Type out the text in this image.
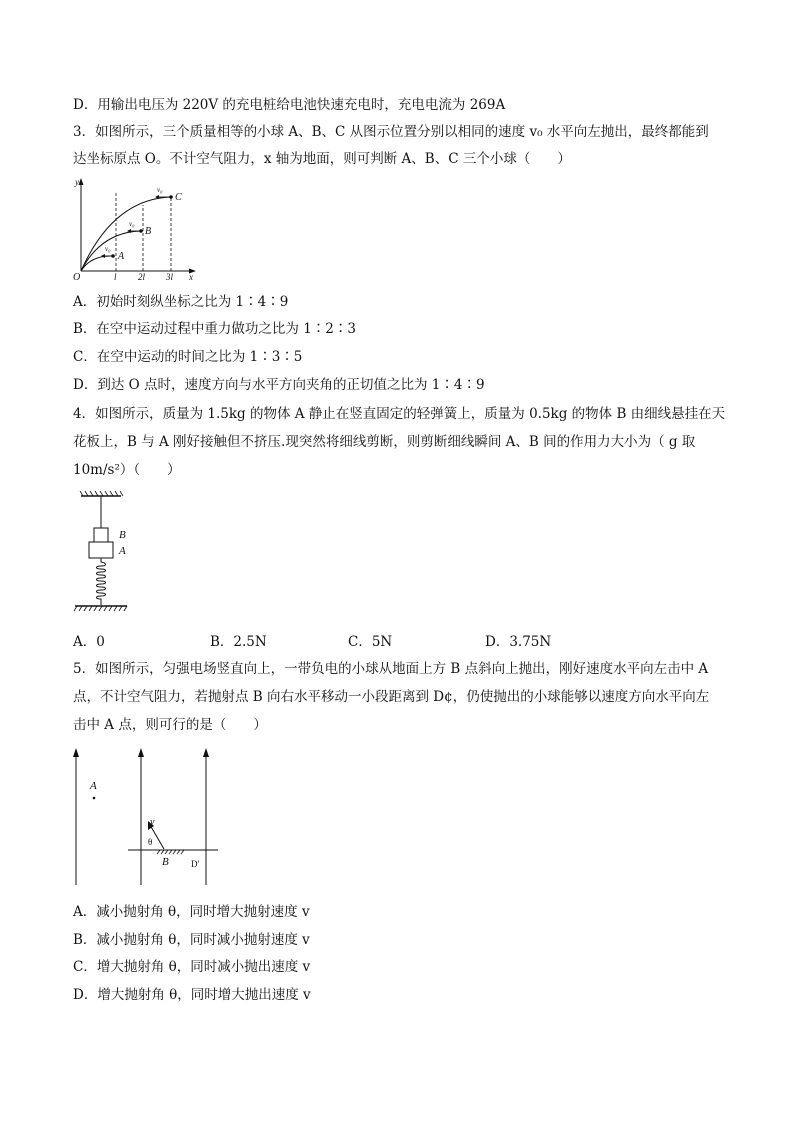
D．用输出电压为 220V 的充电桩给电池快速充电时，充电电流为 269A
3．如图所示，三个质量相等的小球 A、B、C 从图示位置分别以相同的速度 v₀ 水平向左抛出，最终都能到
达坐标原点 O。不计空气阻力，x 轴为地面，则可判断 A、B、C 三个小球（　　）
y
x
O	l 2l 3l
A
B
C
v₀
v₀
v₀
A．初始时刻纵坐标之比为 1∶4∶9
B．在空中运动过程中重力做功之比为 1∶2∶3
C．在空中运动的时间之比为 1∶3∶5
D．到达 O 点时，速度方向与水平方向夹角的正切值之比为 1∶4∶9
4．如图所示，质量为 1.5kg 的物体 A 静止在竖直固定的轻弹簧上，质量为 0.5kg 的物体 B 由细线悬挂在天
花板上，B 与 A 刚好接触但不挤压.现突然将细线剪断，则剪断细线瞬间 A、B 间的作用力大小为（ g 取
10m/s²）（　　）
B
A
A．0	B．2.5N	C．5N	D．3.75N
5．如图所示，匀强电场竖直向上，一带负电的小球从地面上方 B 点斜向上抛出，刚好速度水平向左击中 A
点，不计空气阻力，若抛射点 B 向右水平移动一小段距离到 D¢，仍使抛出的小球能够以速度方向水平向左
击中 A 点，则可行的是（　　）
A
v
θ
B D'
A．减小抛射角 θ，同时增大抛射速度 v
B．减小抛射角 θ，同时减小抛射速度 v
C．增大抛射角 θ，同时减小抛出速度 v
D．增大抛射角 θ，同时增大抛出速度 v
